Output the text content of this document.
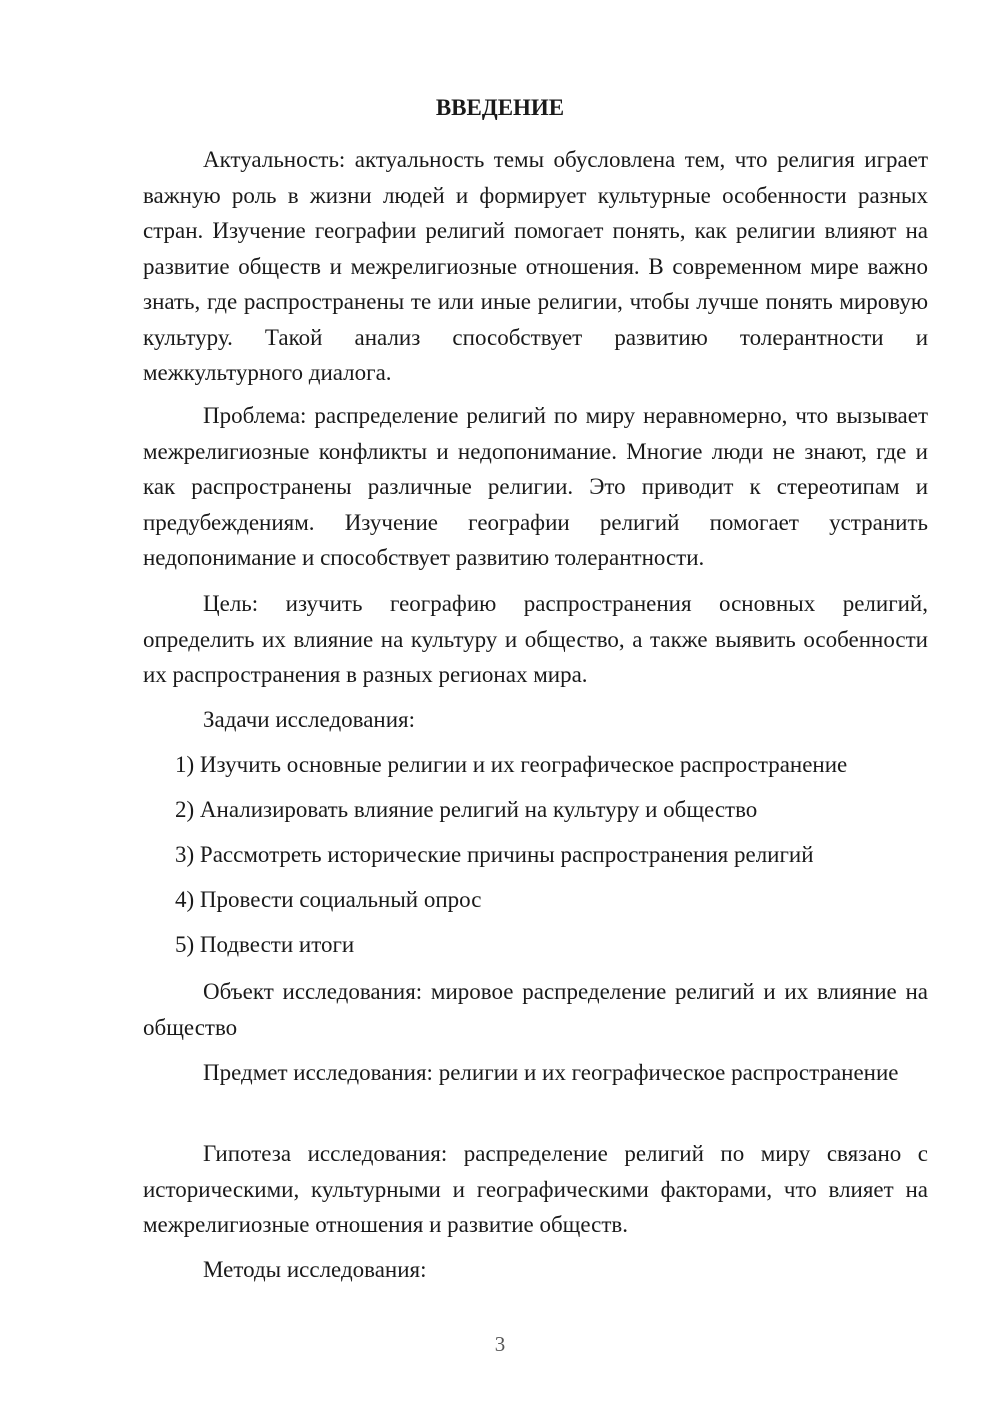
ВВЕДЕНИЕ

Актуальность: актуальность темы обусловлена тем, что религия играет важную роль в жизни людей и формирует культурные особенности разных стран. Изучение географии религий помогает понять, как религии влияют на развитие обществ и межрелигиозные отношения. В современном мире важно знать, где распространены те или иные религии, чтобы лучше понять мировую культуру. Такой анализ способствует развитию толерантности и межкультурного диалога.

Проблема: распределение религий по миру неравномерно, что вызывает межрелигиозные конфликты и недопонимание. Многие люди не знают, где и как распространены различные религии. Это приводит к стереотипам и предубеждениям. Изучение географии религий помогает устранить недопонимание и способствует развитию толерантности.

Цель: изучить географию распространения основных религий, определить их влияние на культуру и общество, а также выявить особенности их распространения в разных регионах мира.

Задачи исследования:

1) Изучить основные религии и их географическое распространение

2) Анализировать влияние религий на культуру и общество

3) Рассмотреть исторические причины распространения религий

4) Провести социальный опрос

5) Подвести итоги

Объект исследования: мировое распределение религий и их влияние на общество

Предмет исследования: религии и их географическое распространение

Гипотеза исследования: распределение религий по миру связано с историческими, культурными и географическими факторами, что влияет на межрелигиозные отношения и развитие обществ.

Методы исследования:

3
